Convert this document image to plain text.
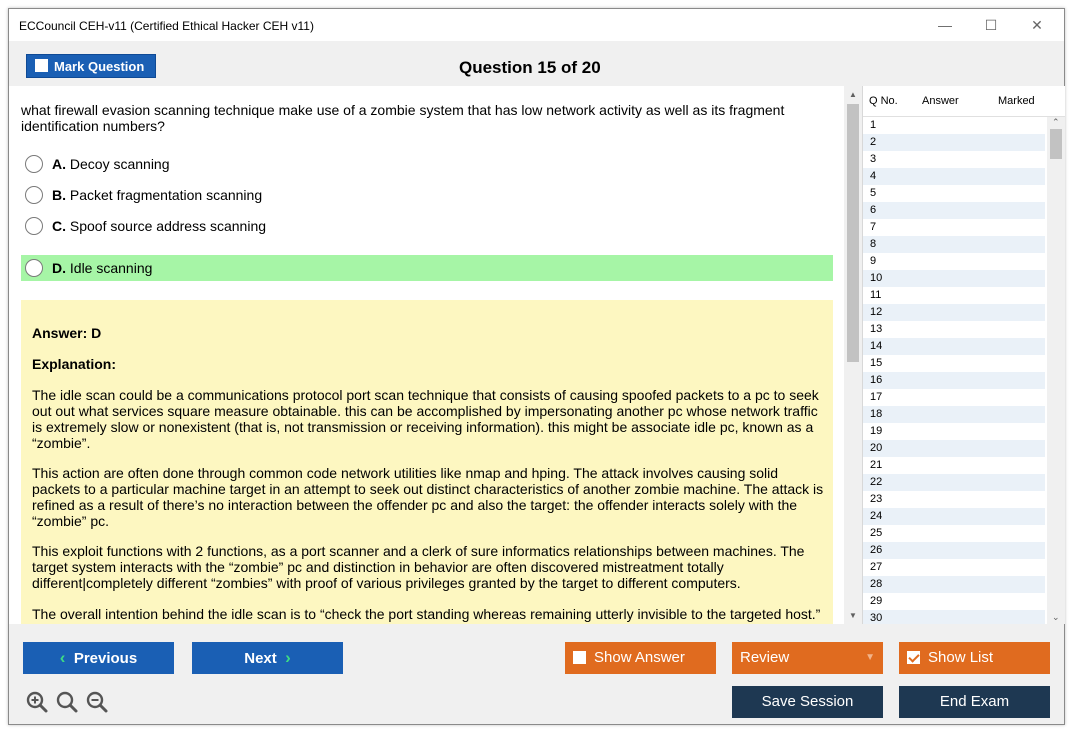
ECCouncil CEH-v11 (Certified Ethical Hacker CEH v11)	—	☐	✕
Mark Question	Question 15 of 20
what firewall evasion scanning technique make use of a zombie system that has low network activity as well as its fragment identification numbers?
A. Decoy scanning
B. Packet fragmentation scanning
C. Spoof source address scanning
D. Idle scanning
Answer: D
Explanation:
The idle scan could be a communications protocol port scan technique that consists of causing spoofed packets to a pc to seek out out what services square measure obtainable. this can be accomplished by impersonating another pc whose network traffic is extremely slow or nonexistent (that is, not transmission or receiving information). this might be associate idle pc, known as a “zombie”.
This action are often done through common code network utilities like nmap and hping. The attack involves causing solid packets to a particular machine target in an attempt to seek out distinct characteristics of another zombie machine. The attack is refined as a result of there’s no interaction between the offender pc and also the target: the offender interacts solely with the “zombie” pc.
This exploit functions with 2 functions, as a port scanner and a clerk of sure informatics relationships between machines. The target system interacts with the “zombie” pc and distinction in behavior are often discovered mistreatment totally different|completely different “zombies” with proof of various privileges granted by the target to different computers.
The overall intention behind the idle scan is to “check the port standing whereas remaining utterly invisible to the targeted host.”
▲
▼
Q No. Answer	Marked
1
2
3
4
5
6
7
8
9
10
11
12
13
14
15
16
17
18
19
20
21
22
23
24
25
26
27
28
29
30
⌃
⌄
‹ Previous	Next ›	Show Answer	Review	▼	Show List
Save Session	End Exam
